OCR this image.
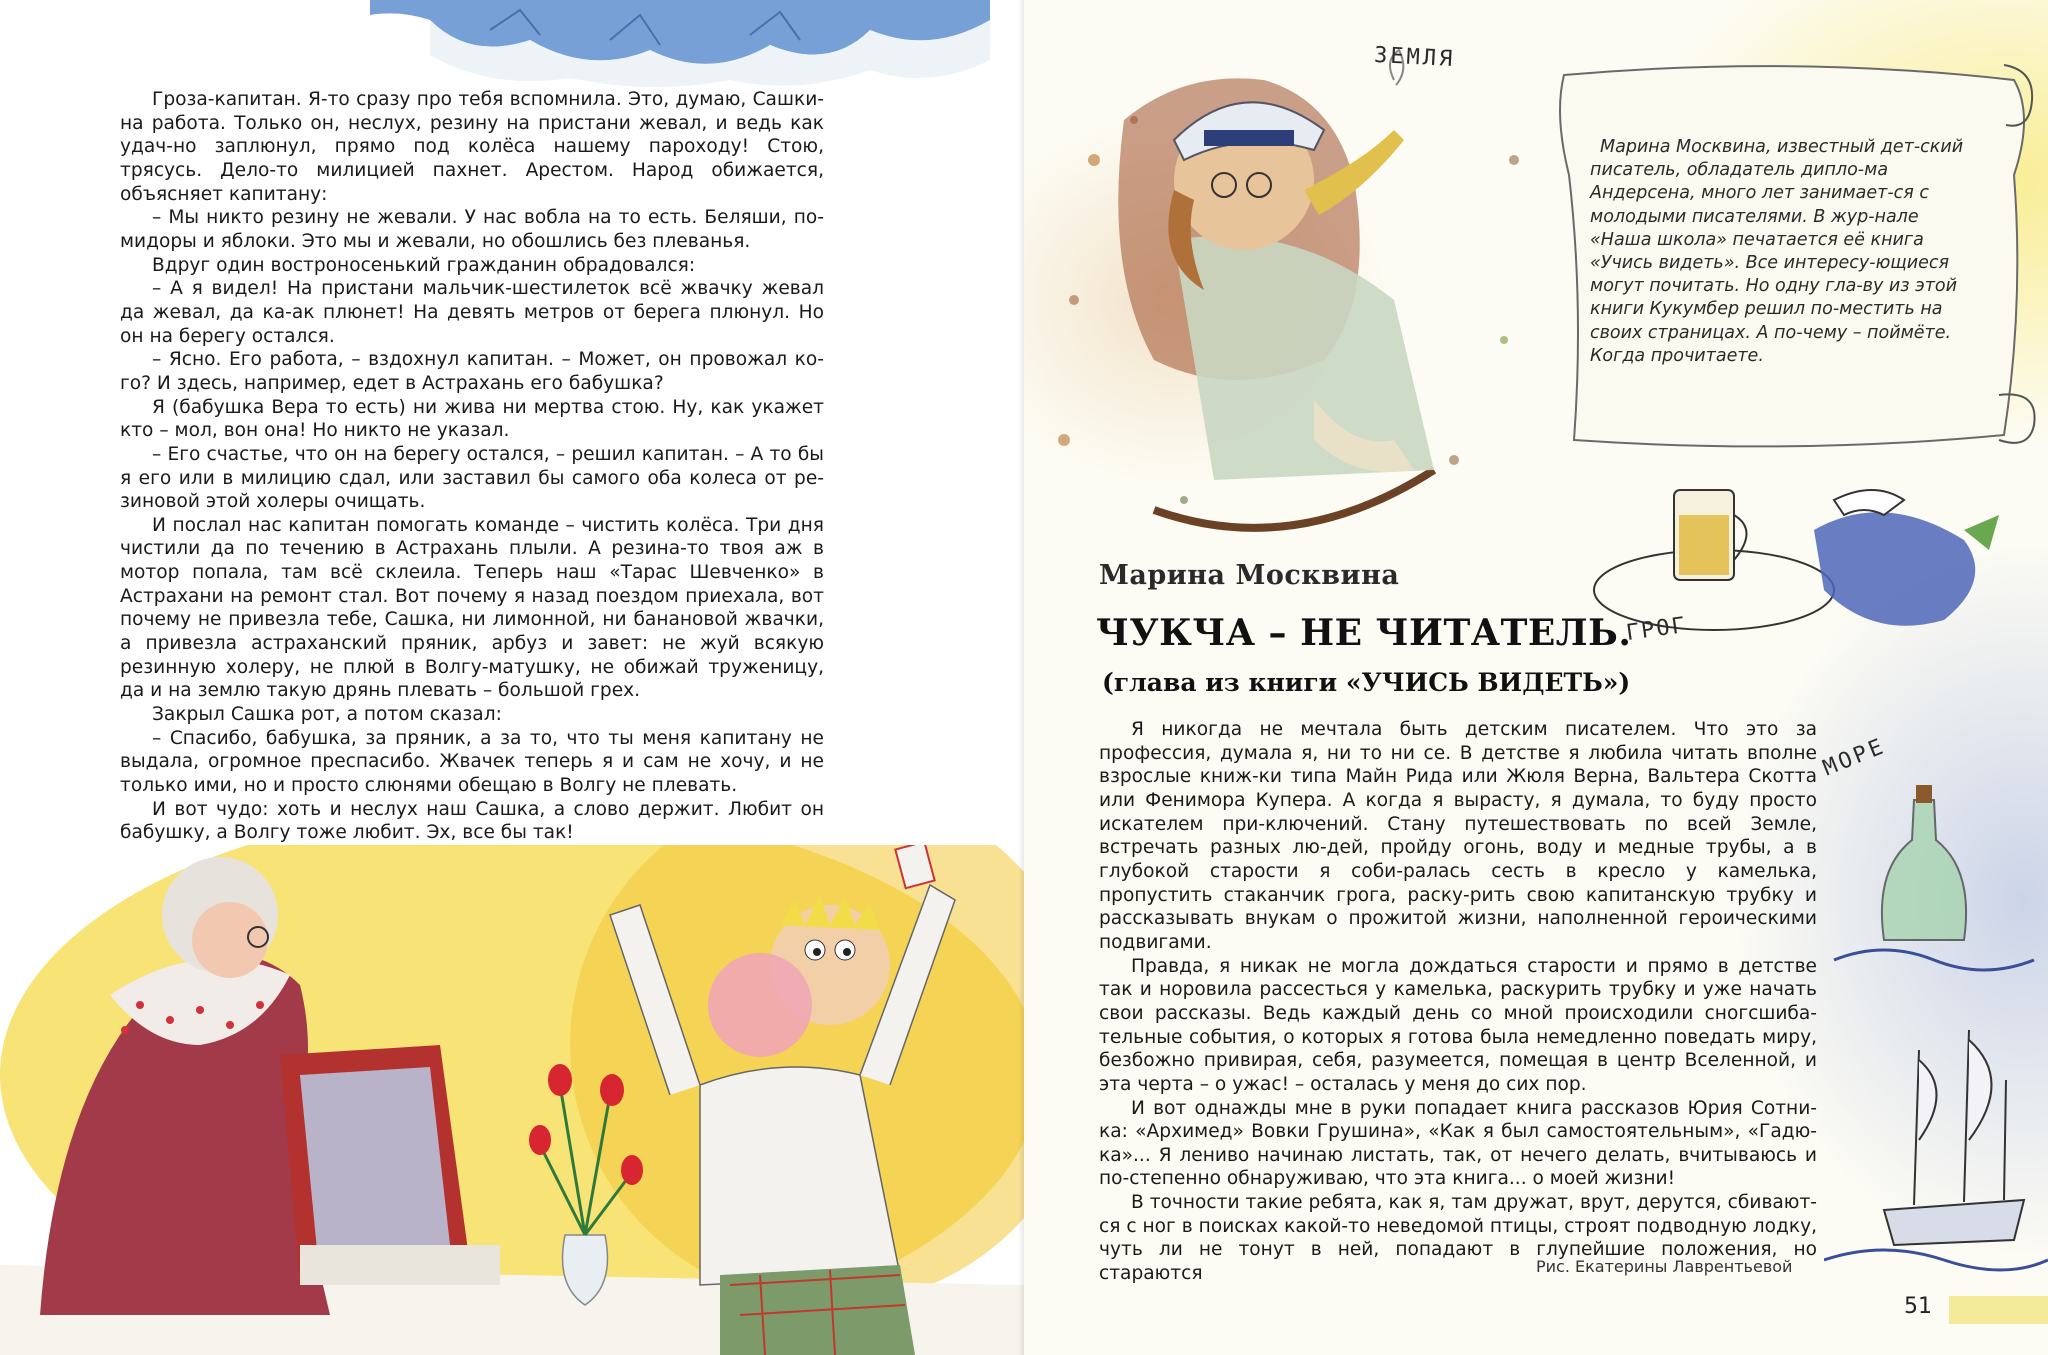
Гроза-капитан. Я-то сразу про тебя вспомнила. Это, думаю, Сашки-на работа. Только он, неслух, резину на пристани жевал, и ведь как удач-но заплюнул, прямо под колёса нашему пароходу! Стою, трясусь. Дело-то милицией пахнет. Арестом. Народ обижается, объясняет капитану:

– Мы никто резину не жевали. У нас вобла на то есть. Беляши, по-мидоры и яблоки. Это мы и жевали, но обошлись без плеванья.

Вдруг один востроносенький гражданин обрадовался:

– А я видел! На пристани мальчик-шестилеток всё жвачку жевал да жевал, да ка-ак плюнет! На девять метров от берега плюнул. Но он на берегу остался.

– Ясно. Его работа, – вздохнул капитан. – Может, он провожал ко-го? И здесь, например, едет в Астрахань его бабушка?

Я (бабушка Вера то есть) ни жива ни мертва стою. Ну, как укажет кто – мол, вон она! Но никто не указал.

– Его счастье, что он на берегу остался, – решил капитан. – А то бы я его или в милицию сдал, или заставил бы самого оба колеса от ре-зиновой этой холеры очищать.

И послал нас капитан помогать команде – чистить колёса. Три дня чистили да по течению в Астрахань плыли. А резина-то твоя аж в мотор попала, там всё склеила. Теперь наш «Тарас Шевченко» в Астрахани на ремонт стал. Вот почему я назад поездом приехала, вот почему не привезла тебе, Сашка, ни лимонной, ни банановой жвачки, а привезла астраханский пряник, арбуз и завет: не жуй всякую резинную холеру, не плюй в Волгу-матушку, не обижай труженицу, да и на землю такую дрянь плевать – большой грех.

Закрыл Сашка рот, а потом сказал:

– Спасибо, бабушка, за пряник, а за то, что ты меня капитану не выдала, огромное преспасибо. Жвачек теперь я и сам не хочу, и не только ими, но и просто слюнями обещаю в Волгу не плевать.

И вот чудо: хоть и неслух наш Сашка, а слово держит. Любит он бабушку, а Волгу тоже любит. Эх, все бы так!

ЗЕМЛЯ

Марина Москвина, известный дет-ский писатель, обладатель дипло-ма Андерсена, много лет занимает-ся с молодыми писателями. В жур-нале «Наша школа» печатается её книга «Учись видеть». Все интересу-ющиеся могут почитать. Но одну гла-ву из этой книги Кукумбер решил по-местить на своих страницах. А по-чему – поймёте. Когда прочитаете.

ГРОГ
МОРЕ
Марина Москвина
ЧУКЧА – НЕ ЧИТАТЕЛЬ.
(глава из книги «УЧИСЬ ВИДЕТЬ»)

Я никогда не мечтала быть детским писателем. Что это за профессия, думала я, ни то ни се. В детстве я любила читать вполне взрослые книж-ки типа Майн Рида или Жюля Верна, Вальтера Скотта или Фенимора Купера. А когда я вырасту, я думала, то буду просто искателем при-ключений. Стану путешествовать по всей Земле, встречать разных лю-дей, пройду огонь, воду и медные трубы, а в глубокой старости я соби-ралась сесть в кресло у камелька, пропустить стаканчик грога, раску-рить свою капитанскую трубку и рассказывать внукам о прожитой жизни, наполненной героическими подвигами.

Правда, я никак не могла дождаться старости и прямо в детстве так и норовила рассесться у камелька, раскурить трубку и уже начать свои рассказы. Ведь каждый день со мной происходили сногсшиба-тельные события, о которых я готова была немедленно поведать миру, безбожно привирая, себя, разумеется, помещая в центр Вселенной, и эта черта – о ужас! – осталась у меня до сих пор.

И вот однажды мне в руки попадает книга рассказов Юрия Сотни-ка: «Архимед» Вовки Грушина», «Как я был самостоятельным», «Гадю-ка»... Я лениво начинаю листать, так, от нечего делать, вчитываюсь и по-степенно обнаруживаю, что эта книга... о моей жизни!

В точности такие ребята, как я, там дружат, врут, дерутся, сбивают-ся с ног в поисках какой-то неведомой птицы, строят подводную лодку, чуть ли не тонут в ней, попадают в глупейшие положения, но стараются	Рис. Екатерины Лаврентьевой
51
